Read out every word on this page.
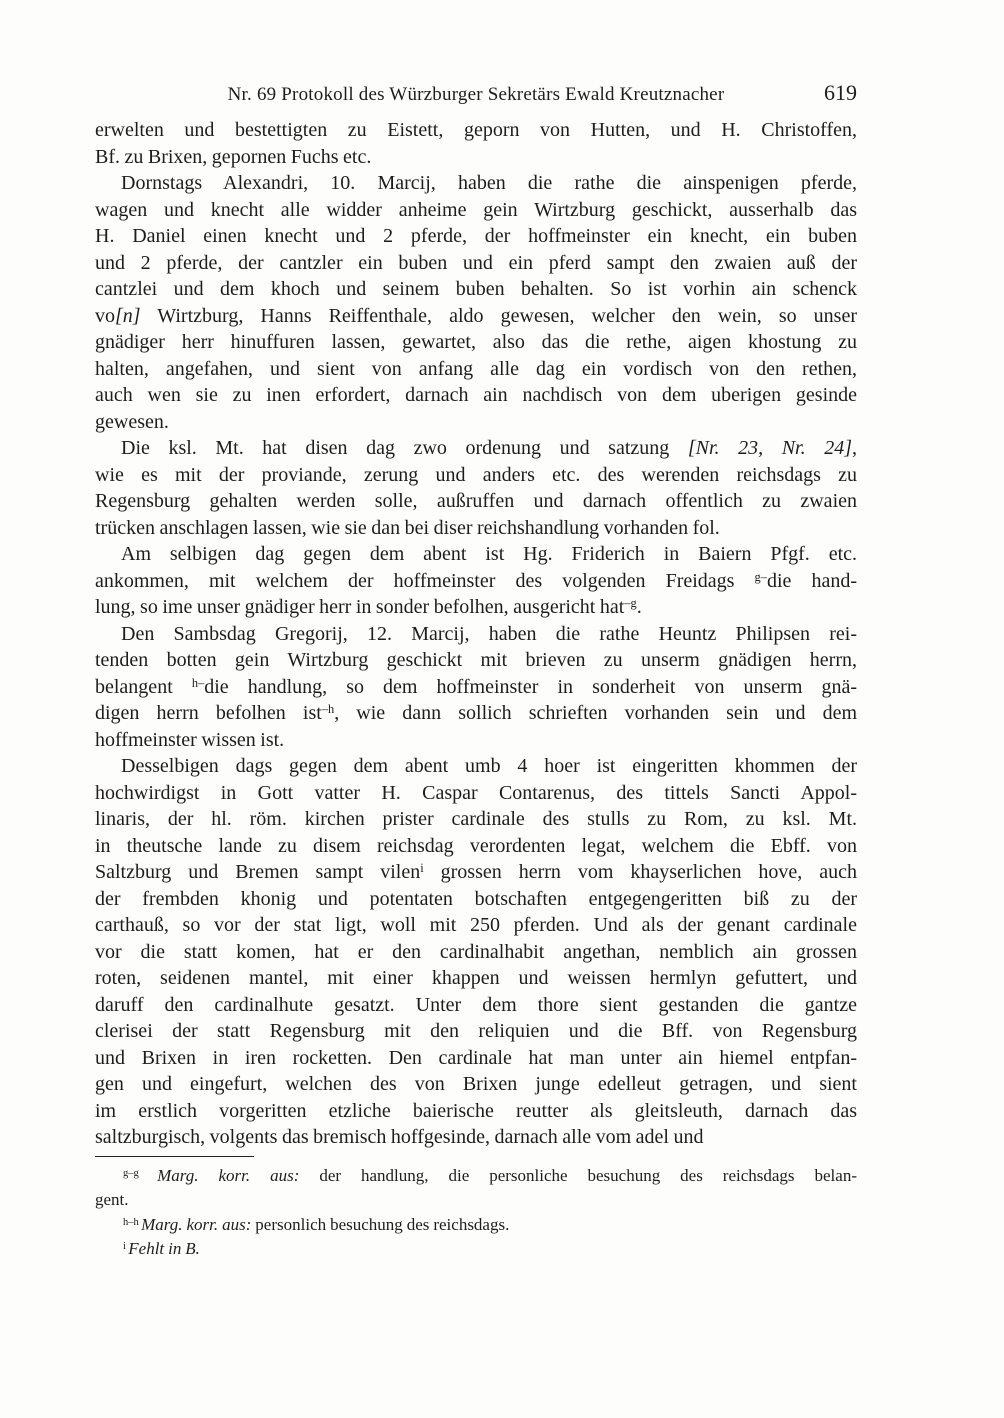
Nr. 69 Protokoll des Würzburger Sekretärs Ewald Kreutznacher	619
erwelten und bestettigten zu Eistett, geporn von Hutten, und H. Christoffen,
Bf. zu Brixen, gepornen Fuchs etc.
Dornstags Alexandri, 10. Marcij, haben die rathe die ainspenigen pferde,
wagen und knecht alle widder anheime gein Wirtzburg geschickt, ausserhalb das
H. Daniel einen knecht und 2 pferde, der hoffmeinster ein knecht, ein buben
und 2 pferde, der cantzler ein buben und ein pferd sampt den zwaien auß der
cantzlei und dem khoch und seinem buben behalten. So ist vorhin ain schenck
vo[n] Wirtzburg, Hanns Reiffenthale, aldo gewesen, welcher den wein, so unser
gnädiger herr hinuffuren lassen, gewartet, also das die rethe, aigen khostung zu
halten, angefahen, und sient von anfang alle dag ein vordisch von den rethen,
auch wen sie zu inen erfordert, darnach ain nachdisch von dem uberigen gesinde
gewesen.
Die ksl. Mt. hat disen dag zwo ordenung und satzung [Nr. 23, Nr. 24],
wie es mit der proviande, zerung und anders etc. des werenden reichsdags zu
Regensburg gehalten werden solle, außruffen und darnach offentlich zu zwaien
trücken anschlagen lassen, wie sie dan bei diser reichshandlung vorhanden fol.
Am selbigen dag gegen dem abent ist Hg. Friderich in Baiern Pfgf. etc.
ankommen, mit welchem der hoffmeinster des volgenden Freidags $^{g-}$die hand-
lung, so ime unser gnädiger herr in sonder befolhen, ausgericht hat$^{-g}$.
Den Sambsdag Gregorij, 12. Marcij, haben die rathe Heuntz Philipsen rei-
tenden botten gein Wirtzburg geschickt mit brieven zu unserm gnädigen herrn,
belangent $^{h-}$die handlung, so dem hoffmeinster in sonderheit von unserm gnä-
digen herrn befolhen ist$^{-h}$, wie dann sollich schrieften vorhanden sein und dem
hoffmeinster wissen ist.
Desselbigen dags gegen dem abent umb 4 hoer ist eingeritten khommen der
hochwirdigst in Gott vatter H. Caspar Contarenus, des tittels Sancti Appol-
linaris, der hl. röm. kirchen prister cardinale des stulls zu Rom, zu ksl. Mt.
in theutsche lande zu disem reichsdag verordenten legat, welchem die Ebff. von
Saltzburg und Bremen sampt vilen$^i$ grossen herrn vom khayserlichen hove, auch
der frembden khonig und potentaten botschaften entgegengeritten biß zu der
carthauß, so vor der stat ligt, woll mit 250 pferden. Und als der genant cardinale
vor die statt komen, hat er den cardinalhabit angethan, nemblich ain grossen
roten, seidenen mantel, mit einer khappen und weissen hermlyn gefuttert, und
daruff den cardinalhute gesatzt. Unter dem thore sient gestanden die gantze
clerisei der statt Regensburg mit den reliquien und die Bff. von Regensburg
und Brixen in iren rocketten. Den cardinale hat man unter ain hiemel entpfan-
gen und eingefurt, welchen des von Brixen junge edelleut getragen, und sient
im erstlich vorgeritten etzliche baierische reutter als gleitsleuth, darnach das
saltzburgisch, volgents das bremisch hoffgesinde, darnach alle vom adel und
$^{g-g}$ Marg. korr. aus: der handlung, die personliche besuchung des reichsdags belan-
gent.
$^{h-h}$ Marg. korr. aus: personlich besuchung des reichsdags.
$^i$ Fehlt in B.
